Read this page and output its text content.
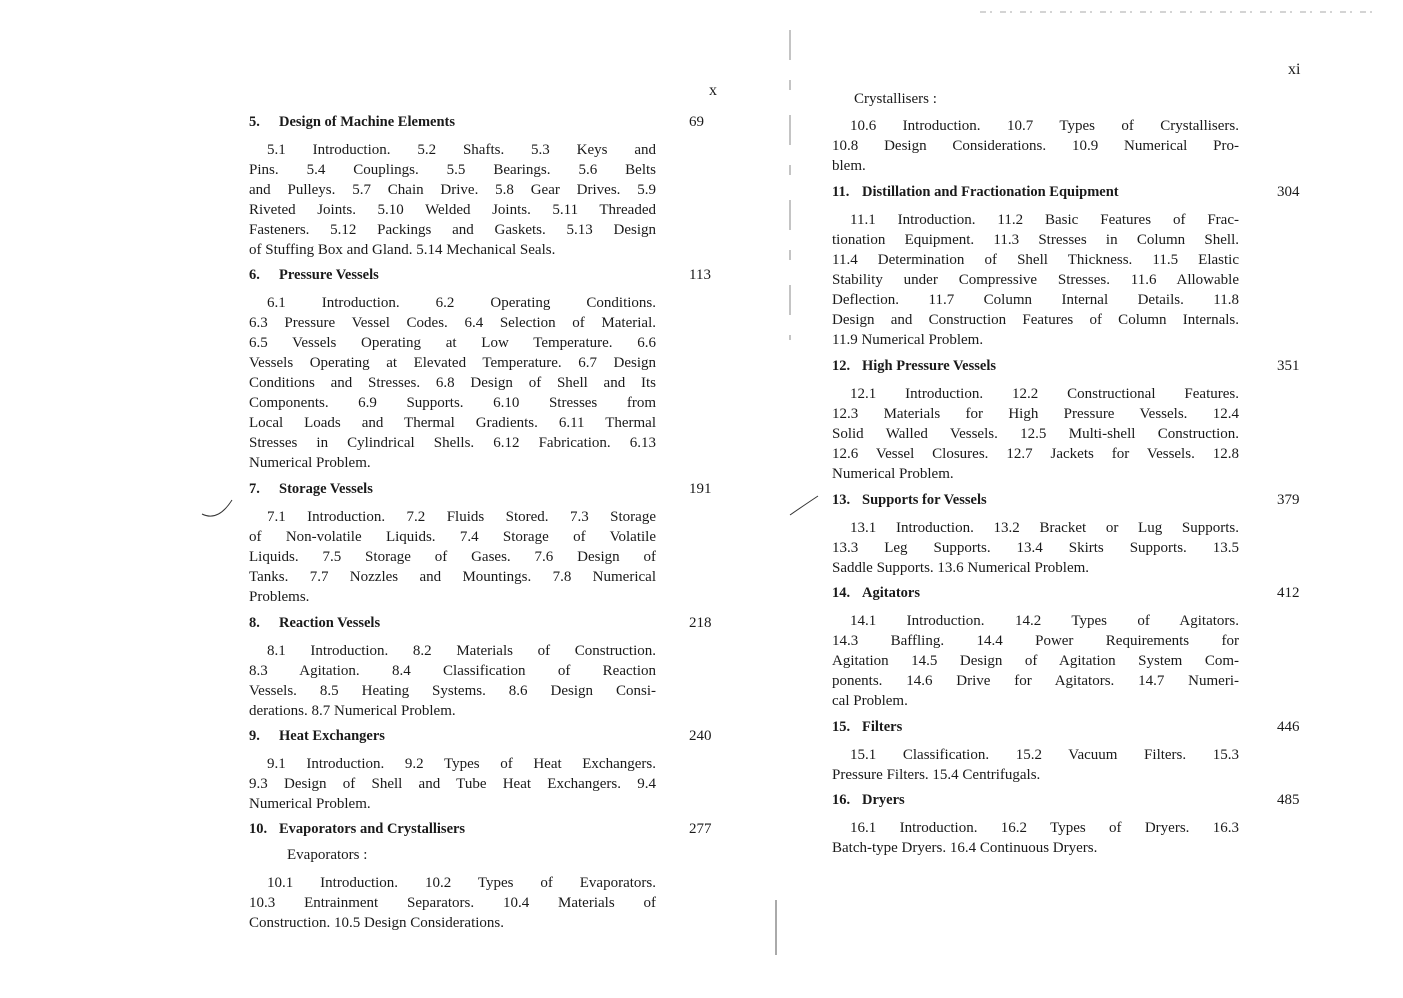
x
5. Design of Machine Elements	69
5.1 Introduction. 5.2 Shafts. 5.3 Keys and
Pins. 5.4 Couplings. 5.5 Bearings. 5.6 Belts
and Pulleys. 5.7 Chain Drive. 5.8 Gear Drives. 5.9
Riveted Joints. 5.10 Welded Joints. 5.11 Threaded
Fasteners. 5.12 Packings and Gaskets. 5.13 Design
of Stuffing Box and Gland. 5.14 Mechanical Seals.
6. Pressure Vessels	113
6.1 Introduction. 6.2 Operating Conditions.
6.3 Pressure Vessel Codes. 6.4 Selection of Material.
6.5 Vessels Operating at Low Temperature. 6.6
Vessels Operating at Elevated Temperature. 6.7 Design
Conditions and Stresses. 6.8 Design of Shell and Its
Components. 6.9 Supports. 6.10 Stresses from
Local Loads and Thermal Gradients. 6.11 Thermal
Stresses in Cylindrical Shells. 6.12 Fabrication. 6.13
Numerical Problem.
7. Storage Vessels	191
7.1 Introduction. 7.2 Fluids Stored. 7.3 Storage
of Non-volatile Liquids. 7.4 Storage of Volatile
Liquids. 7.5 Storage of Gases. 7.6 Design of
Tanks. 7.7 Nozzles and Mountings. 7.8 Numerical
Problems.
8. Reaction Vessels	218
8.1 Introduction. 8.2 Materials of Construction.
8.3 Agitation. 8.4 Classification of Reaction
Vessels. 8.5 Heating Systems. 8.6 Design Consi-
derations. 8.7 Numerical Problem.
9. Heat Exchangers	240
9.1 Introduction. 9.2 Types of Heat Exchangers.
9.3 Design of Shell and Tube Heat Exchangers. 9.4
Numerical Problem.
10. Evaporators and Crystallisers	277
Evaporators :
10.1 Introduction. 10.2 Types of Evaporators.
10.3 Entrainment Separators. 10.4 Materials of
Construction. 10.5 Design Considerations.
xi
Crystallisers :
10.6 Introduction. 10.7 Types of Crystallisers.
10.8 Design Considerations. 10.9 Numerical Pro-
blem.
11. Distillation and Fractionation Equipment	304
11.1 Introduction. 11.2 Basic Features of Frac-
tionation Equipment. 11.3 Stresses in Column Shell.
11.4 Determination of Shell Thickness. 11.5 Elastic
Stability under Compressive Stresses. 11.6 Allowable
Deflection. 11.7 Column Internal Details. 11.8
Design and Construction Features of Column Internals.
11.9 Numerical Problem.
12. High Pressure Vessels	351
12.1 Introduction. 12.2 Constructional Features.
12.3 Materials for High Pressure Vessels. 12.4
Solid Walled Vessels. 12.5 Multi-shell Construction.
12.6 Vessel Closures. 12.7 Jackets for Vessels. 12.8
Numerical Problem.
13. Supports for Vessels	379
13.1 Introduction. 13.2 Bracket or Lug Supports.
13.3 Leg Supports. 13.4 Skirts Supports. 13.5
Saddle Supports. 13.6 Numerical Problem.
14. Agitators	412
14.1 Introduction. 14.2 Types of Agitators.
14.3 Baffling. 14.4 Power Requirements for
Agitation 14.5 Design of Agitation System Com-
ponents. 14.6 Drive for Agitators. 14.7 Numeri-
cal Problem.
15. Filters	446
15.1 Classification. 15.2 Vacuum Filters. 15.3
Pressure Filters. 15.4 Centrifugals.
16. Dryers	485
16.1 Introduction. 16.2 Types of Dryers. 16.3
Batch-type Dryers. 16.4 Continuous Dryers.
